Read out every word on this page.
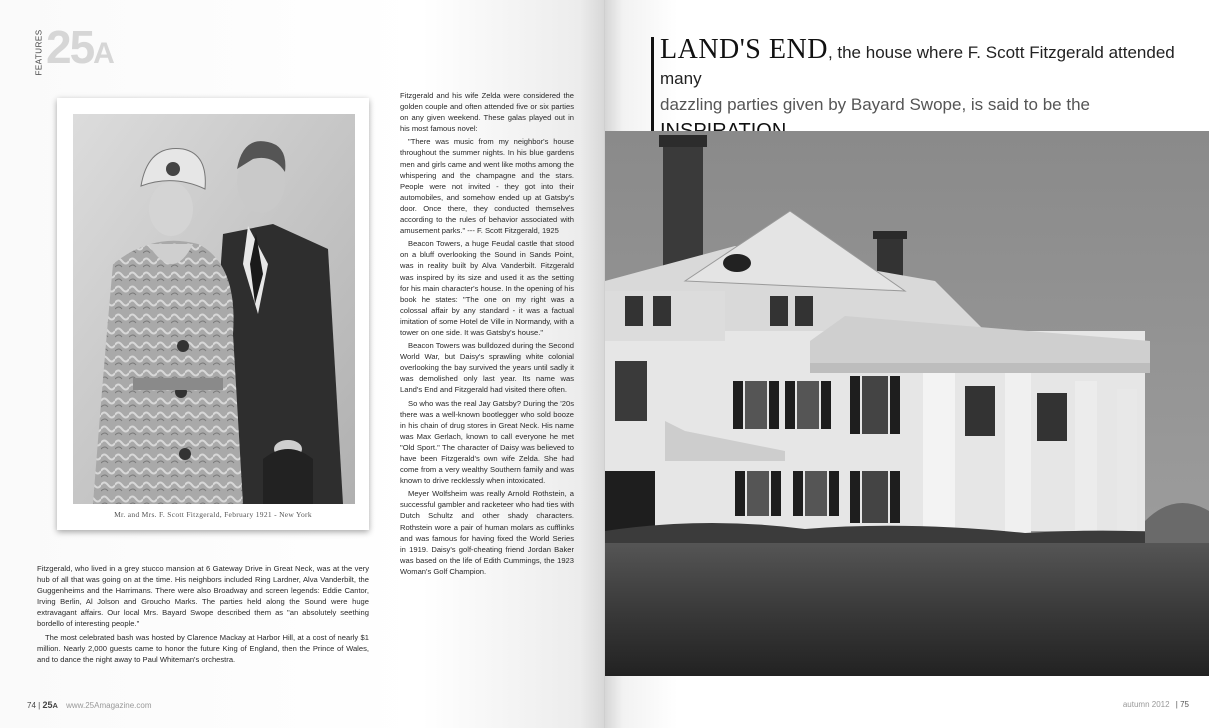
FEATURES 25A
Mr. and Mrs. F. Scott Fitzgerald, February 1921 - New York

Fitzgerald and his wife Zelda were considered the golden couple and often attended five or six parties on any given weekend. These galas played out in his most famous novel:

"There was music from my neighbor's house throughout the summer nights. In his blue gardens men and girls came and went like moths among the whispering and the champagne and the stars. People were not invited - they got into their automobiles, and somehow ended up at Gatsby's door. Once there, they conducted themselves according to the rules of behavior associated with amusement parks." --- F. Scott Fitzgerald, 1925

Beacon Towers, a huge Feudal castle that stood on a bluff overlooking the Sound in Sands Point, was in reality built by Alva Vanderbilt. Fitzgerald was inspired by its size and used it as the setting for his main character's house. In the opening of his book he states: "The one on my right was a colossal affair by any standard - it was a factual imitation of some Hotel de Ville in Normandy, with a tower on one side. It was Gatsby's house."

Beacon Towers was bulldozed during the Second World War, but Daisy's sprawling white colonial overlooking the bay survived the years until sadly it was demolished only last year. Its name was Land's End and Fitzgerald had visited there often.

So who was the real Jay Gatsby? During the '20s there was a well-known bootlegger who sold booze in his chain of drug stores in Great Neck. His name was Max Gerlach, known to call everyone he met "Old Sport." The character of Daisy was believed to have been Fitzgerald's own wife Zelda. She had come from a very wealthy Southern family and was known to drive recklessly when intoxicated.

Meyer Wolfsheim was really Arnold Rothstein, a successful gambler and racketeer who had ties with Dutch Schultz and other shady characters. Rothstein wore a pair of human molars as cufflinks and was famous for having fixed the World Series in 1919. Daisy's golf-cheating friend Jordan Baker was based on the life of Edith Cummings, the 1923 Woman's Golf Champion.

Fitzgerald, who lived in a grey stucco mansion at 6 Gateway Drive in Great Neck, was at the very hub of all that was going on at the time. His neighbors included Ring Lardner, Alva Vanderbilt, the Guggenheims and the Harrimans. There were also Broadway and screen legends: Eddie Cantor, Irving Berlin, Al Jolson and Groucho Marks. The parties held along the Sound were huge extravagant affairs. Our local Mrs. Bayard Swope described them as "an absolutely seething bordello of interesting people."

The most celebrated bash was hosted by Clarence Mackay at Harbor Hill, at a cost of nearly $1 million. Nearly 2,000 guests came to honor the future King of England, then the Prince of Wales, and to dance the night away to Paul Whiteman's orchestra.

74 | 25A www.25Amagazine.com
LAND'S END, the house where F. Scott Fitzgerald attended many
dazzling parties given by Bayard Swope, is said to be the

autumn 2012 | 75
